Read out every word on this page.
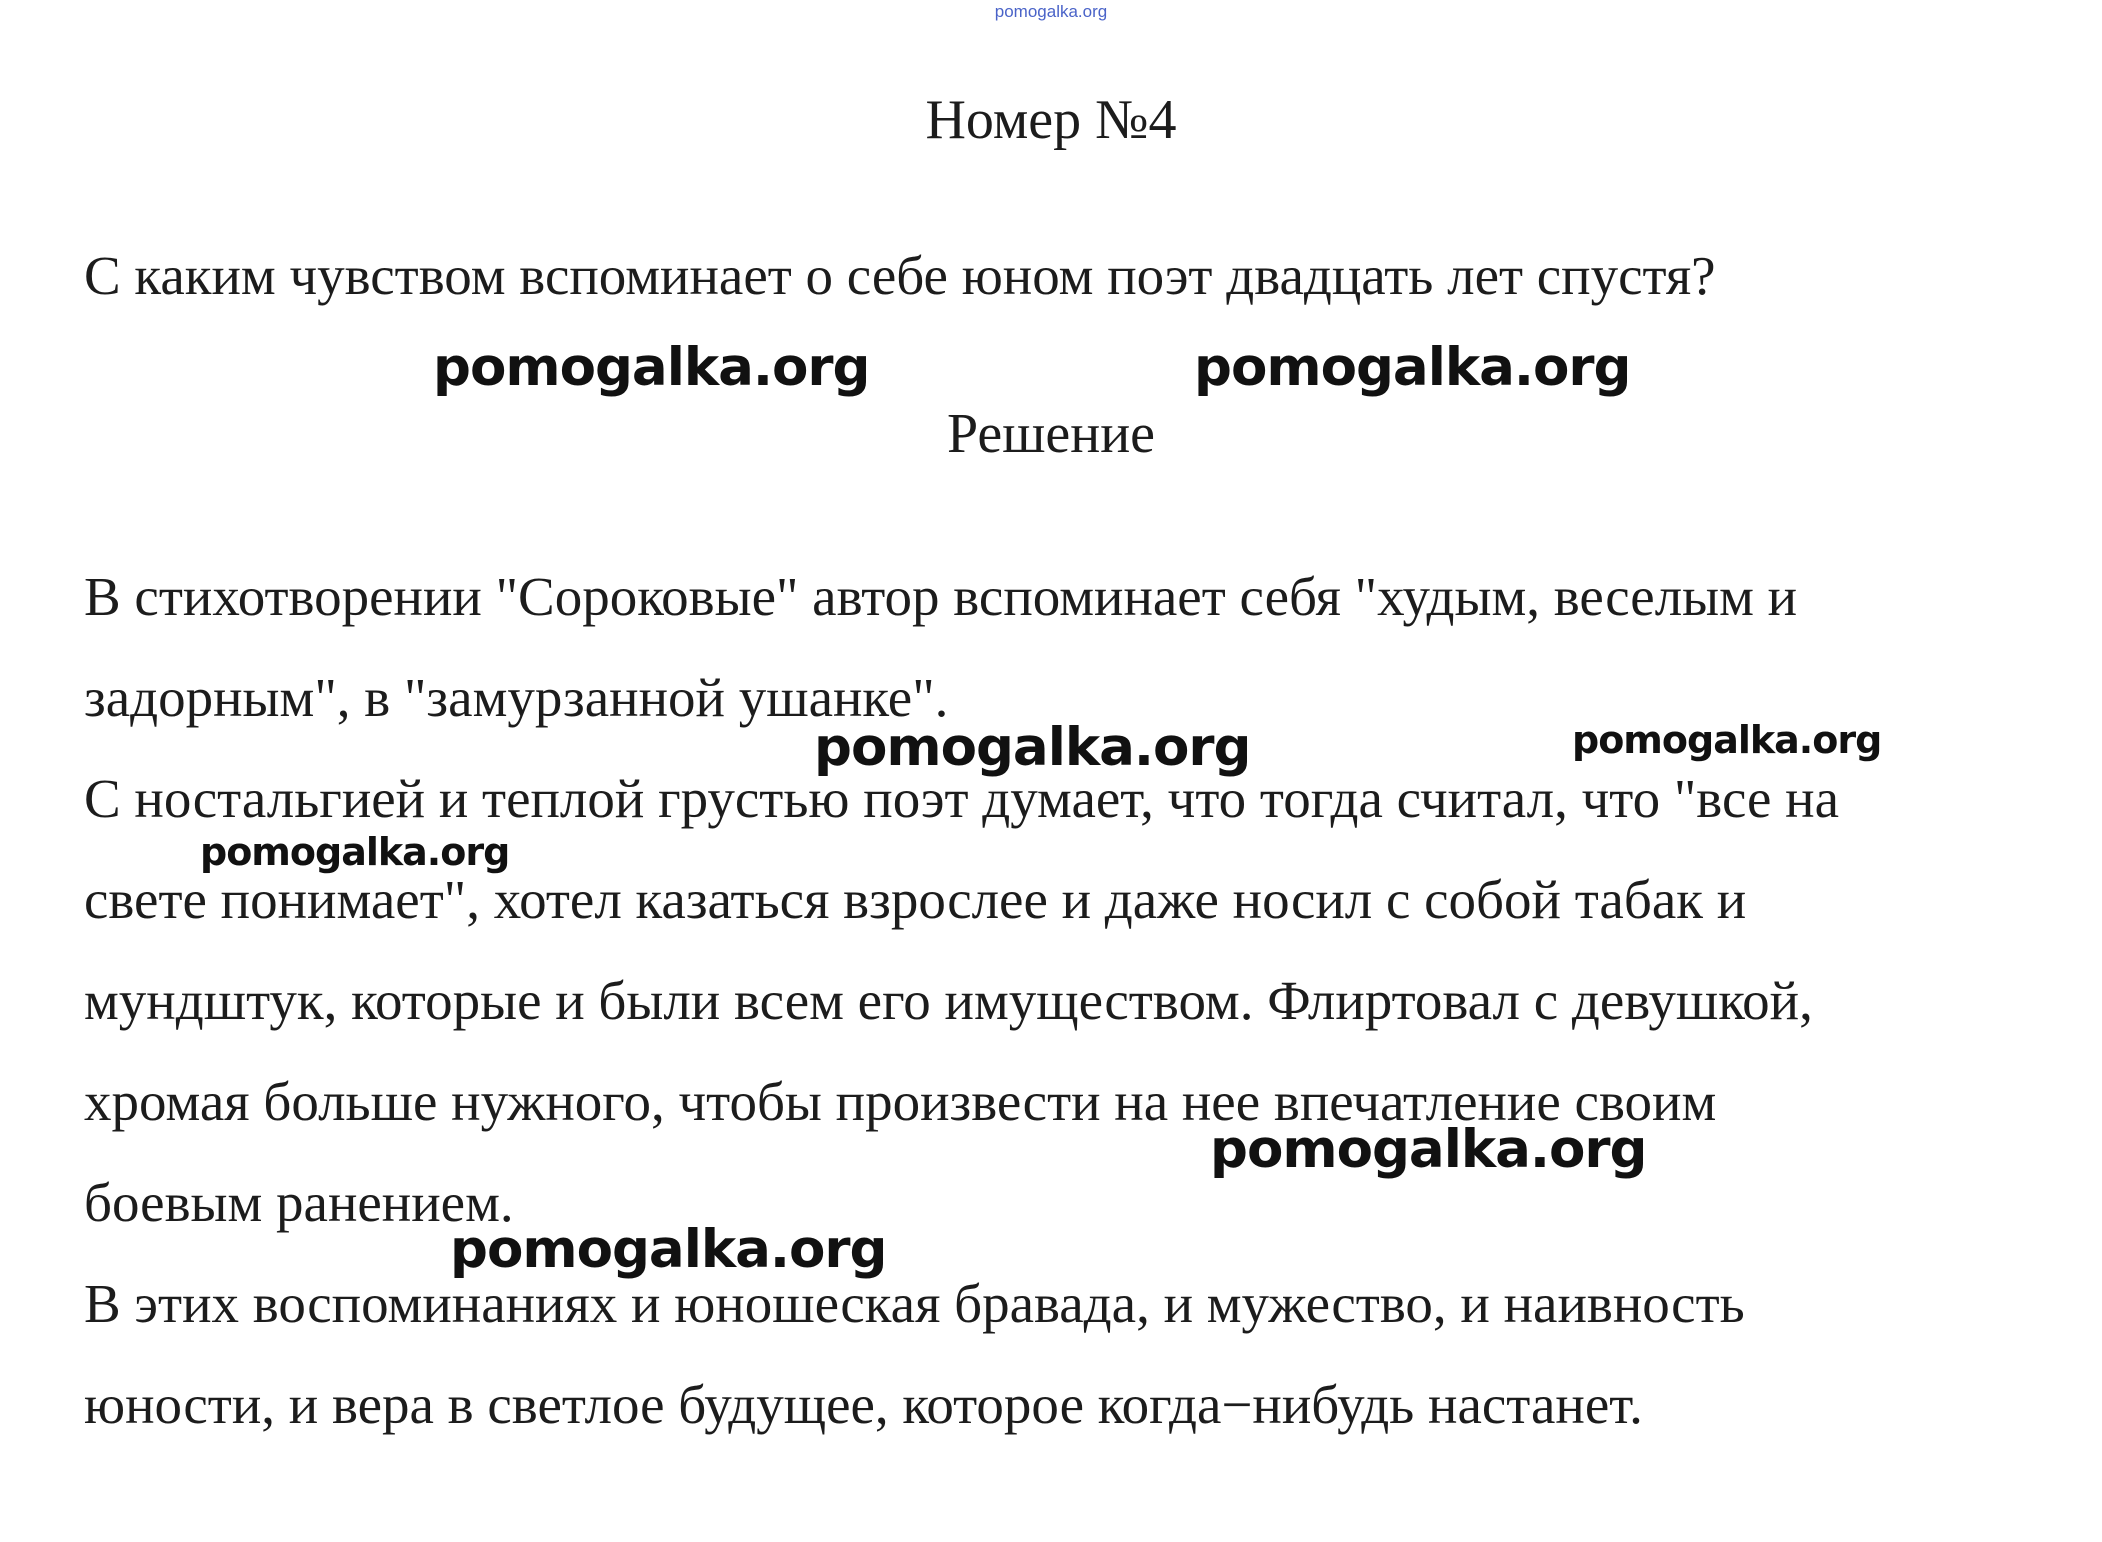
pomogalka.org
Номер №4
С каким чувством вспоминает о себе юном поэт двадцать лет спустя?
Решение
В стихотворении "Сороковые" автор вспоминает себя "худым, веселым и
задорным", в "замурзанной ушанке".
С ностальгией и теплой грустью поэт думает, что тогда считал, что "все на
свете понимает", хотел казаться взрослее и даже носил с собой табак и
мундштук, которые и были всем его имуществом. Флиртовал с девушкой,
хромая больше нужного, чтобы произвести на нее впечатление своим
боевым ранением.
В этих воспоминаниях и юношеская бравада, и мужество, и наивность
юности, и вера в светлое будущее, которое когда−нибудь настанет.
pomogalka.org	pomogalka.org
pomogalka.org	pomogalka.org
pomogalka.org
pomogalka.org
pomogalka.org
